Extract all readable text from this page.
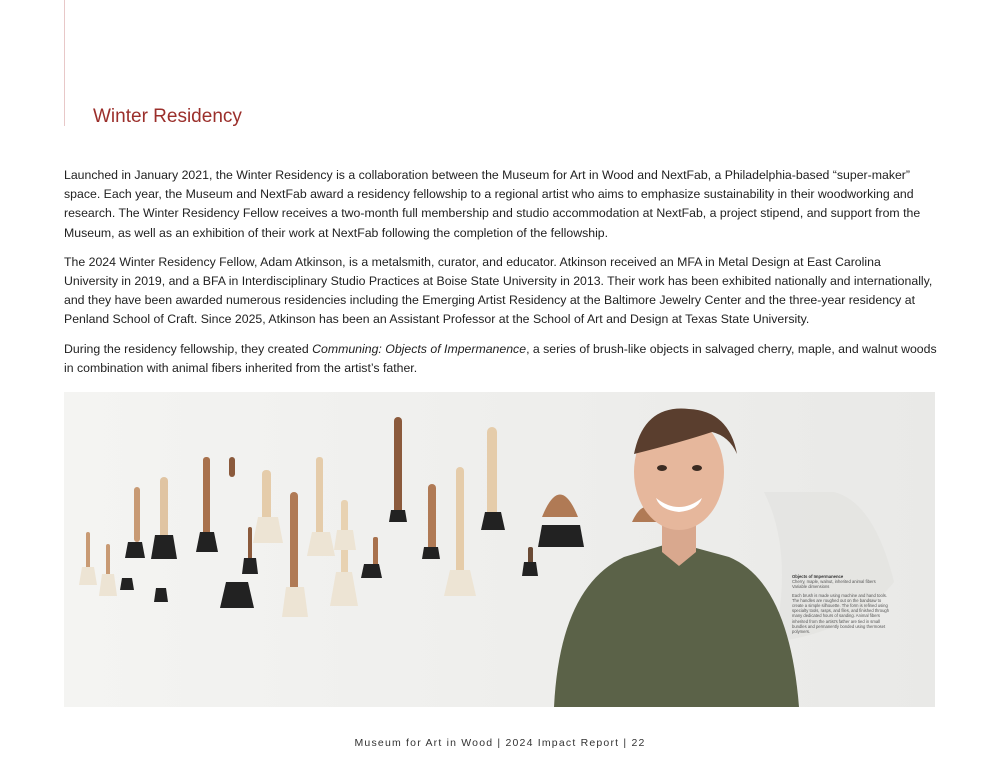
Winter Residency

Launched in January 2021, the Winter Residency is a collaboration between the Museum for Art in Wood and NextFab, a Philadelphia-based “super-maker” space. Each year, the Museum and NextFab award a residency fellowship to a regional artist who aims to emphasize sustainability in their woodworking and research. The Winter Residency Fellow receives a two-month full membership and studio accommodation at NextFab, a project stipend, and support from the Museum, as well as an exhibition of their work at NextFab following the completion of the fellowship.

The 2024 Winter Residency Fellow, Adam Atkinson, is a metalsmith, curator, and educator. Atkinson received an MFA in Metal Design at East Carolina University in 2019, and a BFA in Interdisciplinary Studio Practices at Boise State University in 2013. Their work has been exhibited nationally and internationally, and they have been awarded numerous residencies including the Emerging Artist Residency at the Baltimore Jewelry Center and the three-year residency at Penland School of Craft. Since 2025, Atkinson has been an Assistant Professor at the School of Art and Design at Texas State University.

During the residency fellowship, they created Communing: Objects of Impermanence, a series of brush-like objects in salvaged cherry, maple, and walnut woods in combination with animal fibers inherited from the artist’s father.

Objects of Impermanence
Cherry, maple, walnut, inherited animal fibers
Variable dimensions
Each brush is made using machine and hand tools. The handles are roughed out on the bandsaw to create a simple silhouette. The form is refined using specialty tools, rasps, and files, and finished through many dedicated hours of sanding. Animal fibers inherited from the artist's father are tied in small bundles and permanently bonded using thermoset polymers.
Museum for Art in Wood | 2024 Impact Report | 22
